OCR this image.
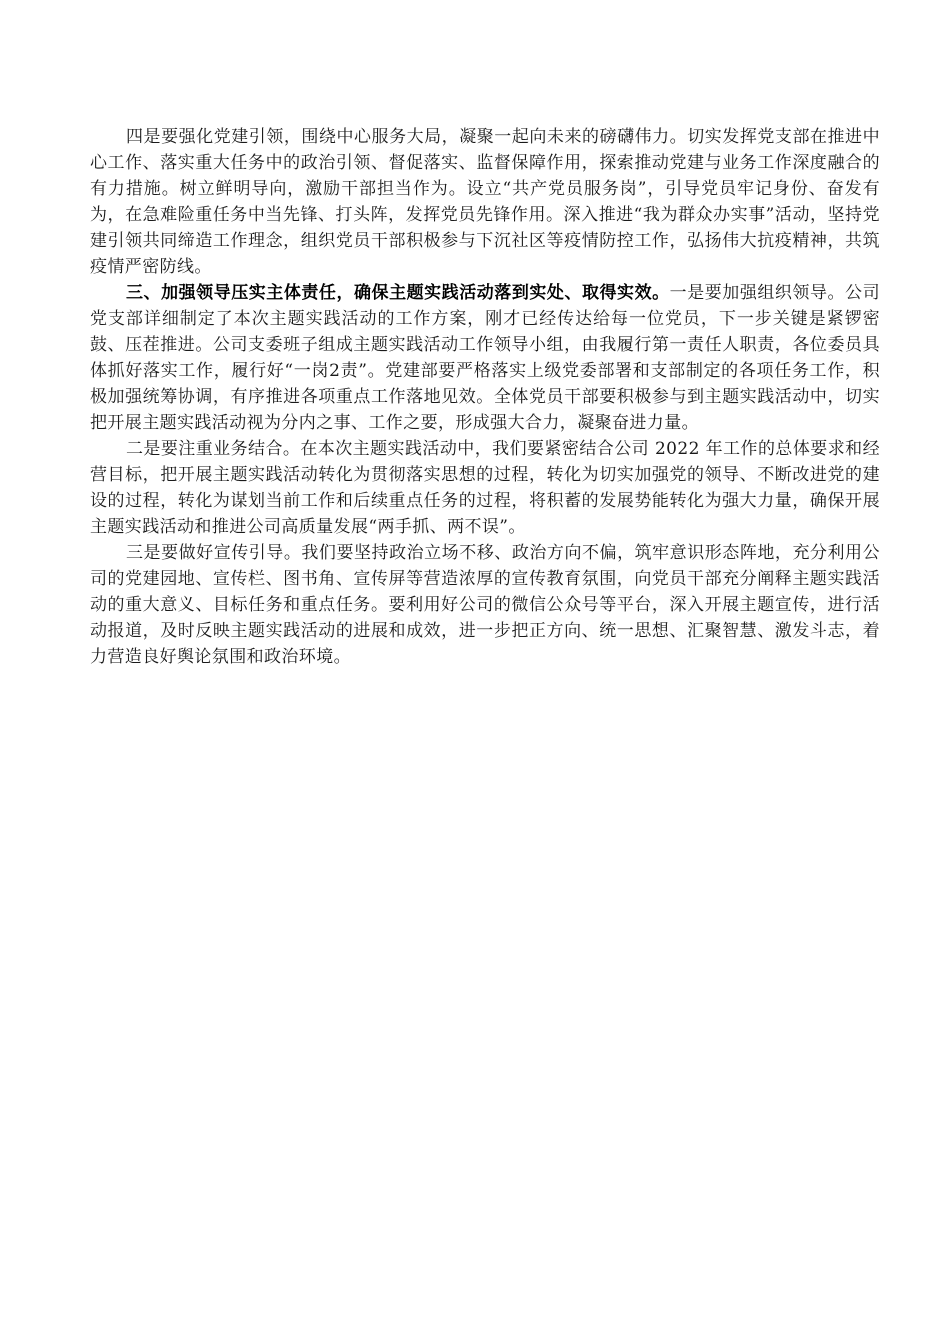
四是要强化党建引领，围绕中心服务大局，凝聚一起向未来的磅礴伟力。切实发挥党支部在推进中心工作、落实重大任务中的政治引领、督促落实、监督保障作用，探索推动党建与业务工作深度融合的有力措施。树立鲜明导向，激励干部担当作为。设立“共产党员服务岗”，引导党员牢记身份、奋发有为，在急难险重任务中当先锋、打头阵，发挥党员先锋作用。深入推进“我为群众办实事”活动，坚持党建引领共同缔造工作理念，组织党员干部积极参与下沉社区等疫情防控工作，弘扬伟大抗疫精神，共筑疫情严密防线。

三、加强领导压实主体责任，确保主题实践活动落到实处、取得实效。一是要加强组织领导。公司党支部详细制定了本次主题实践活动的工作方案，刚才已经传达给每一位党员，下一步关键是紧锣密鼓、压茬推进。公司支委班子组成主题实践活动工作领导小组，由我履行第一责任人职责，各位委员具体抓好落实工作，履行好“一岗2责”。党建部要严格落实上级党委部署和支部制定的各项任务工作，积极加强统筹协调，有序推进各项重点工作落地见效。全体党员干部要积极参与到主题实践活动中，切实把开展主题实践活动视为分内之事、工作之要，形成强大合力，凝聚奋进力量。

二是要注重业务结合。在本次主题实践活动中，我们要紧密结合公司 2022 年工作的总体要求和经营目标，把开展主题实践活动转化为贯彻落实思想的过程，转化为切实加强党的领导、不断改进党的建设的过程，转化为谋划当前工作和后续重点任务的过程，将积蓄的发展势能转化为强大力量，确保开展主题实践活动和推进公司高质量发展“两手抓、两不误”。

三是要做好宣传引导。我们要坚持政治立场不移、政治方向不偏，筑牢意识形态阵地，充分利用公司的党建园地、宣传栏、图书角、宣传屏等营造浓厚的宣传教育氛围，向党员干部充分阐释主题实践活动的重大意义、目标任务和重点任务。要利用好公司的微信公众号等平台，深入开展主题宣传，进行活动报道，及时反映主题实践活动的进展和成效，进一步把正方向、统一思想、汇聚智慧、激发斗志，着力营造良好舆论氛围和政治环境。
